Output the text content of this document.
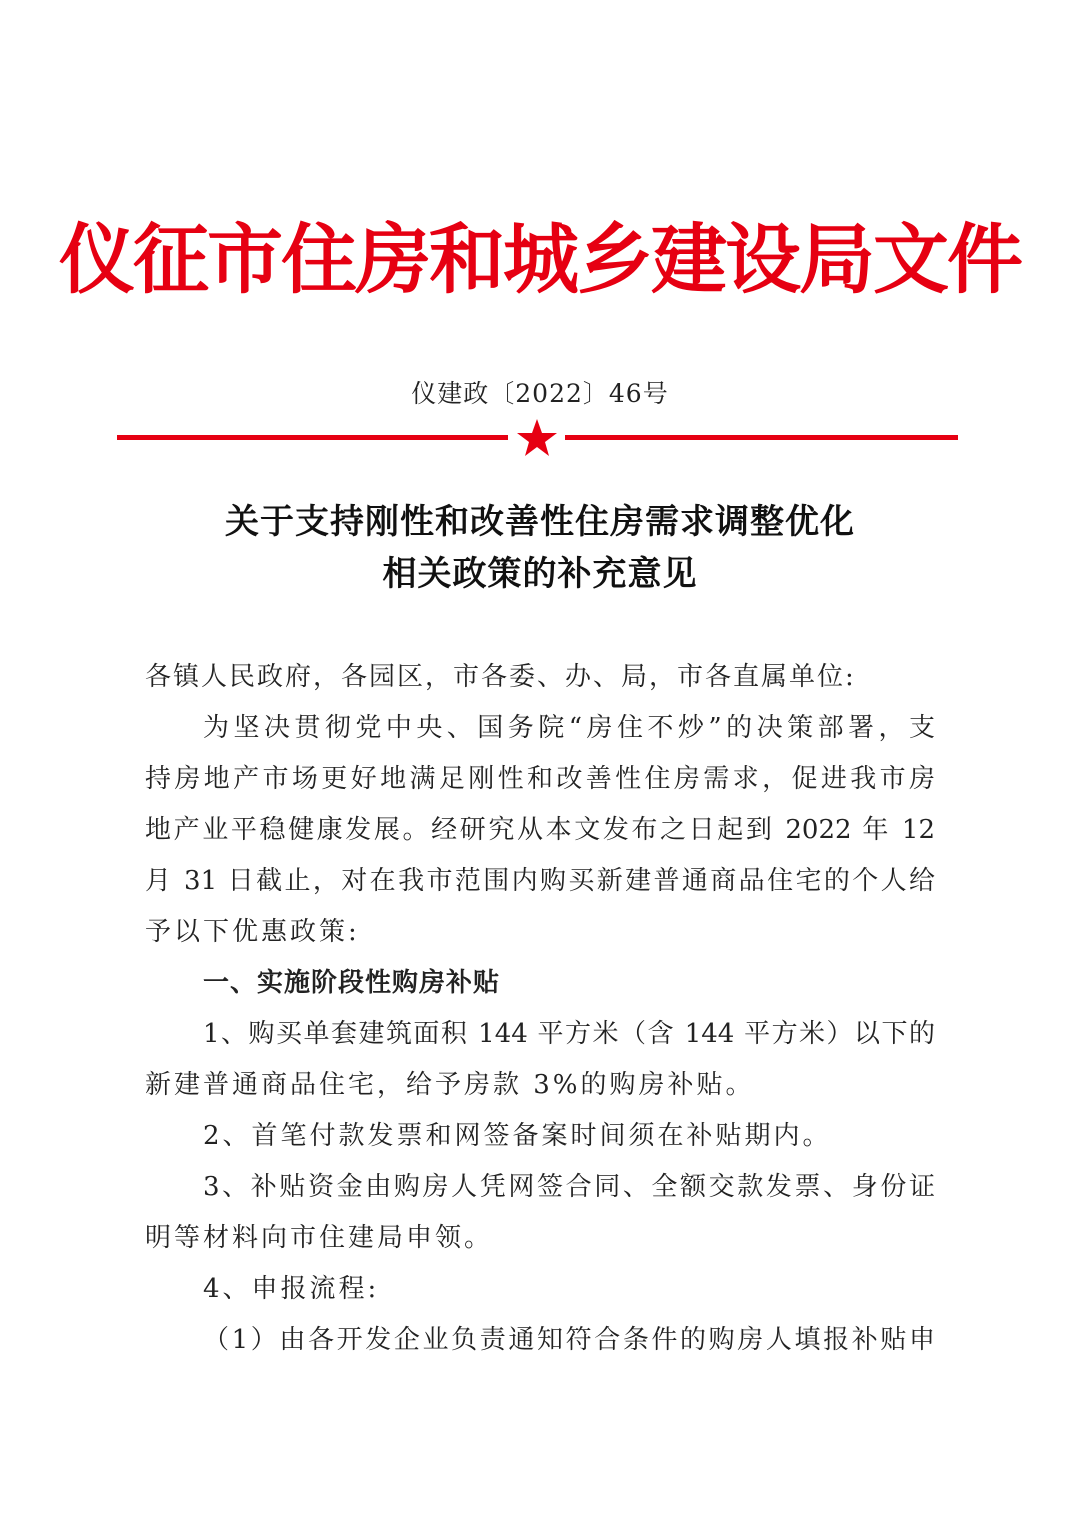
仪征市住房和城乡建设局文件
仪建政〔2022〕46号
关于支持刚性和改善性住房需求调整优化
相关政策的补充意见
各镇人民政府，各园区，市各委、办、局，市各直属单位:
为坚决贯彻党中央、国务院“房住不炒”的决策部署，支
持房地产市场更好地满足刚性和改善性住房需求，促进我市房
地产业平稳健康发展。经研究从本文发布之日起到 2022 年 12
月 31 日截止，对在我市范围内购买新建普通商品住宅的个人给
予以下优惠政策:
一、实施阶段性购房补贴
1、购买单套建筑面积 144 平方米（含 144 平方米）以下的
新建普通商品住宅，给予房款 3%的购房补贴。
2、首笔付款发票和网签备案时间须在补贴期内。
3、补贴资金由购房人凭网签合同、全额交款发票、身份证
明等材料向市住建局申领。
4、申报流程:
（1）由各开发企业负责通知符合条件的购房人填报补贴申
